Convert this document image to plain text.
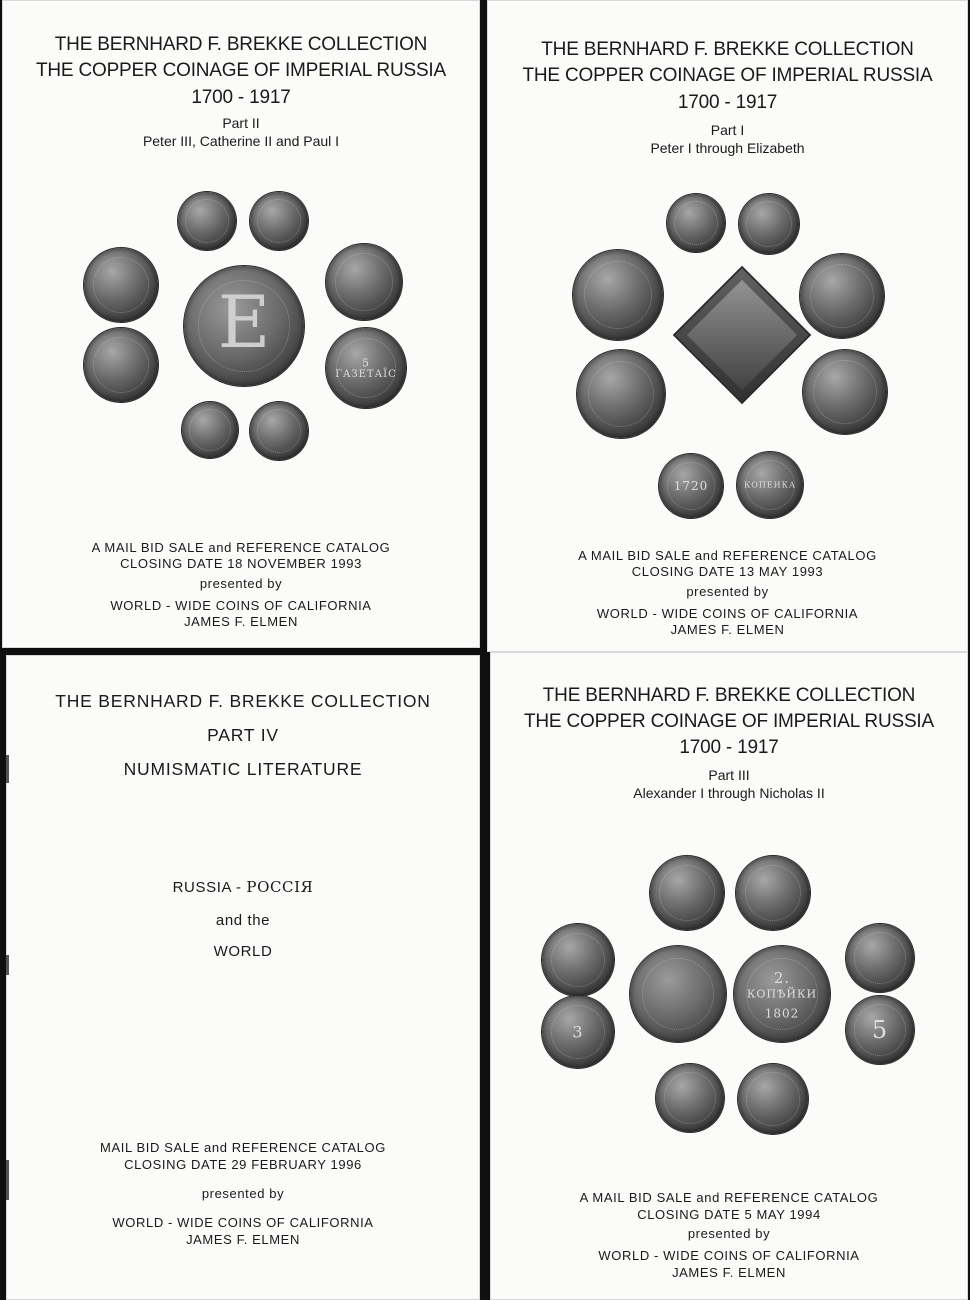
THE BERNHARD F. BREKKE COLLECTION
THE COPPER COINAGE OF IMPERIAL RUSSIA
1700 - 1917
Part II
Peter III, Catherine II and Paul I
E	5
ГАЗЕТАЇС
A MAIL BID SALE and REFERENCE CATALOG
CLOSING DATE 18 NOVEMBER 1993
presented by
WORLD - WIDE COINS OF CALIFORNIA
JAMES F. ELMEN
THE BERNHARD F. BREKKE COLLECTION
THE COPPER COINAGE OF IMPERIAL RUSSIA
1700 - 1917
Part I
Peter I through Elizabeth
1720	КОПЕИКА
A MAIL BID SALE and REFERENCE CATALOG
CLOSING DATE 13 MAY 1993
presented by
WORLD - WIDE COINS OF CALIFORNIA
JAMES F. ELMEN
THE BERNHARD F. BREKKE COLLECTION
PART IV
NUMISMATIC LITERATURE
RUSSIA - РОССIЯ
and the
WORLD
MAIL BID SALE and REFERENCE CATALOG
CLOSING DATE 29 FEBRUARY 1996
presented by
WORLD - WIDE COINS OF CALIFORNIA
JAMES F. ELMEN
THE BERNHARD F. BREKKE COLLECTION
THE COPPER COINAGE OF IMPERIAL RUSSIA
1700 - 1917
Part III
Alexander I through Nicholas II
2.
КОПѢЙКИ
1802
3	5
A MAIL BID SALE and REFERENCE CATALOG
CLOSING DATE 5 MAY 1994
presented by
WORLD - WIDE COINS OF CALIFORNIA
JAMES F. ELMEN
